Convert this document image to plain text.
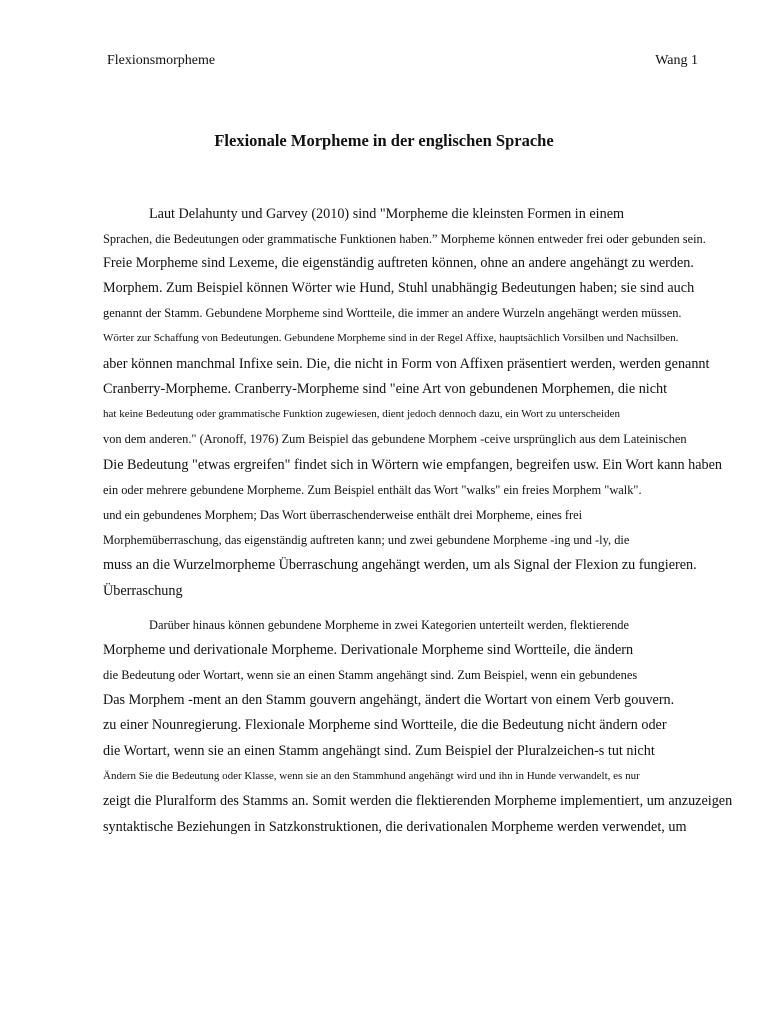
Flexionsmorpheme	Wang 1
Flexionale Morpheme in der englischen Sprache
Laut Delahunty und Garvey (2010) sind "Morpheme die kleinsten Formen in einem
Sprachen, die Bedeutungen oder grammatische Funktionen haben.” Morpheme können entweder frei oder gebunden sein.
Freie Morpheme sind Lexeme, die eigenständig auftreten können, ohne an andere angehängt zu werden.
Morphem. Zum Beispiel können Wörter wie Hund, Stuhl unabhängig Bedeutungen haben; sie sind auch
genannt der Stamm. Gebundene Morpheme sind Wortteile, die immer an andere Wurzeln angehängt werden müssen.
Wörter zur Schaffung von Bedeutungen. Gebundene Morpheme sind in der Regel Affixe, hauptsächlich Vorsilben und Nachsilben.
aber können manchmal Infixe sein. Die, die nicht in Form von Affixen präsentiert werden, werden genannt
Cranberry-Morpheme. Cranberry-Morpheme sind "eine Art von gebundenen Morphemen, die nicht
hat keine Bedeutung oder grammatische Funktion zugewiesen, dient jedoch dennoch dazu, ein Wort zu unterscheiden
von dem anderen." (Aronoff, 1976) Zum Beispiel das gebundene Morphem -ceive ursprünglich aus dem Lateinischen
Die Bedeutung "etwas ergreifen" findet sich in Wörtern wie empfangen, begreifen usw. Ein Wort kann haben
ein oder mehrere gebundene Morpheme. Zum Beispiel enthält das Wort "walks" ein freies Morphem "walk".
und ein gebundenes Morphem; Das Wort überraschenderweise enthält drei Morpheme, eines frei
Morphemüberraschung, das eigenständig auftreten kann; und zwei gebundene Morpheme -ing und -ly, die
muss an die Wurzelmorpheme Überraschung angehängt werden, um als Signal der Flexion zu fungieren.
Überraschung
Darüber hinaus können gebundene Morpheme in zwei Kategorien unterteilt werden, flektierende
Morpheme und derivationale Morpheme. Derivationale Morpheme sind Wortteile, die ändern
die Bedeutung oder Wortart, wenn sie an einen Stamm angehängt sind. Zum Beispiel, wenn ein gebundenes
Das Morphem -ment an den Stamm gouvern angehängt, ändert die Wortart von einem Verb gouvern.
zu einer Nounregierung. Flexionale Morpheme sind Wortteile, die die Bedeutung nicht ändern oder
die Wortart, wenn sie an einen Stamm angehängt sind. Zum Beispiel der Pluralzeichen-s tut nicht
Ändern Sie die Bedeutung oder Klasse, wenn sie an den Stammhund angehängt wird und ihn in Hunde verwandelt, es nur
zeigt die Pluralform des Stamms an. Somit werden die flektierenden Morpheme implementiert, um anzuzeigen
syntaktische Beziehungen in Satzkonstruktionen, die derivationalen Morpheme werden verwendet, um
